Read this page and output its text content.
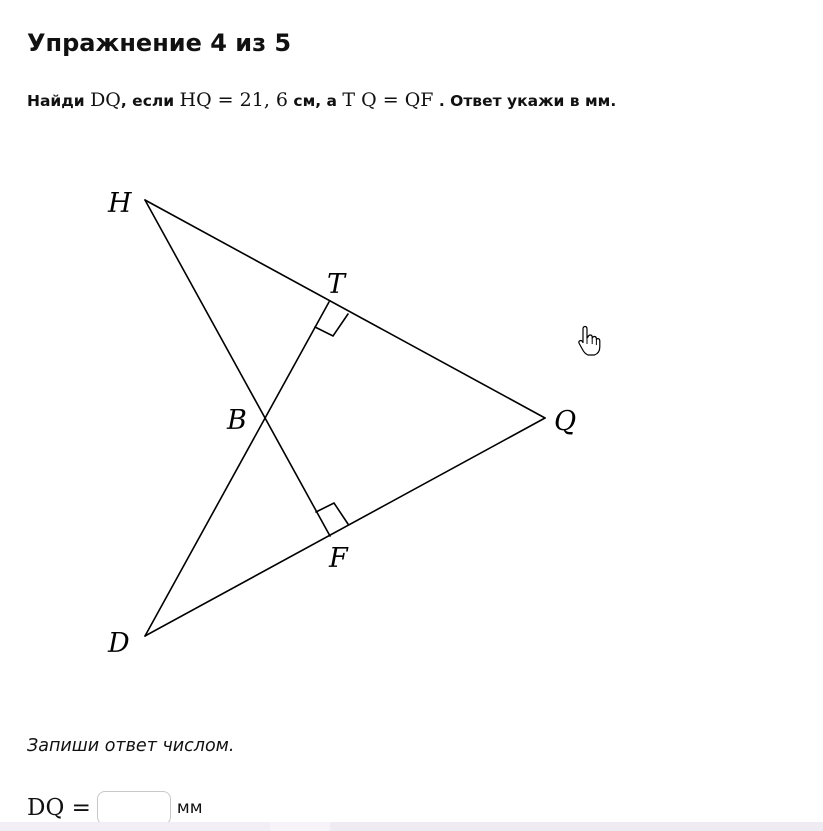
Упражнение 4 из 5
Найди DQ, если HQ = 21, 6 см, а T Q = QF . Ответ укажи в мм.
H
T
B	Q
F
D
Запиши ответ числом.
DQ =	мм
